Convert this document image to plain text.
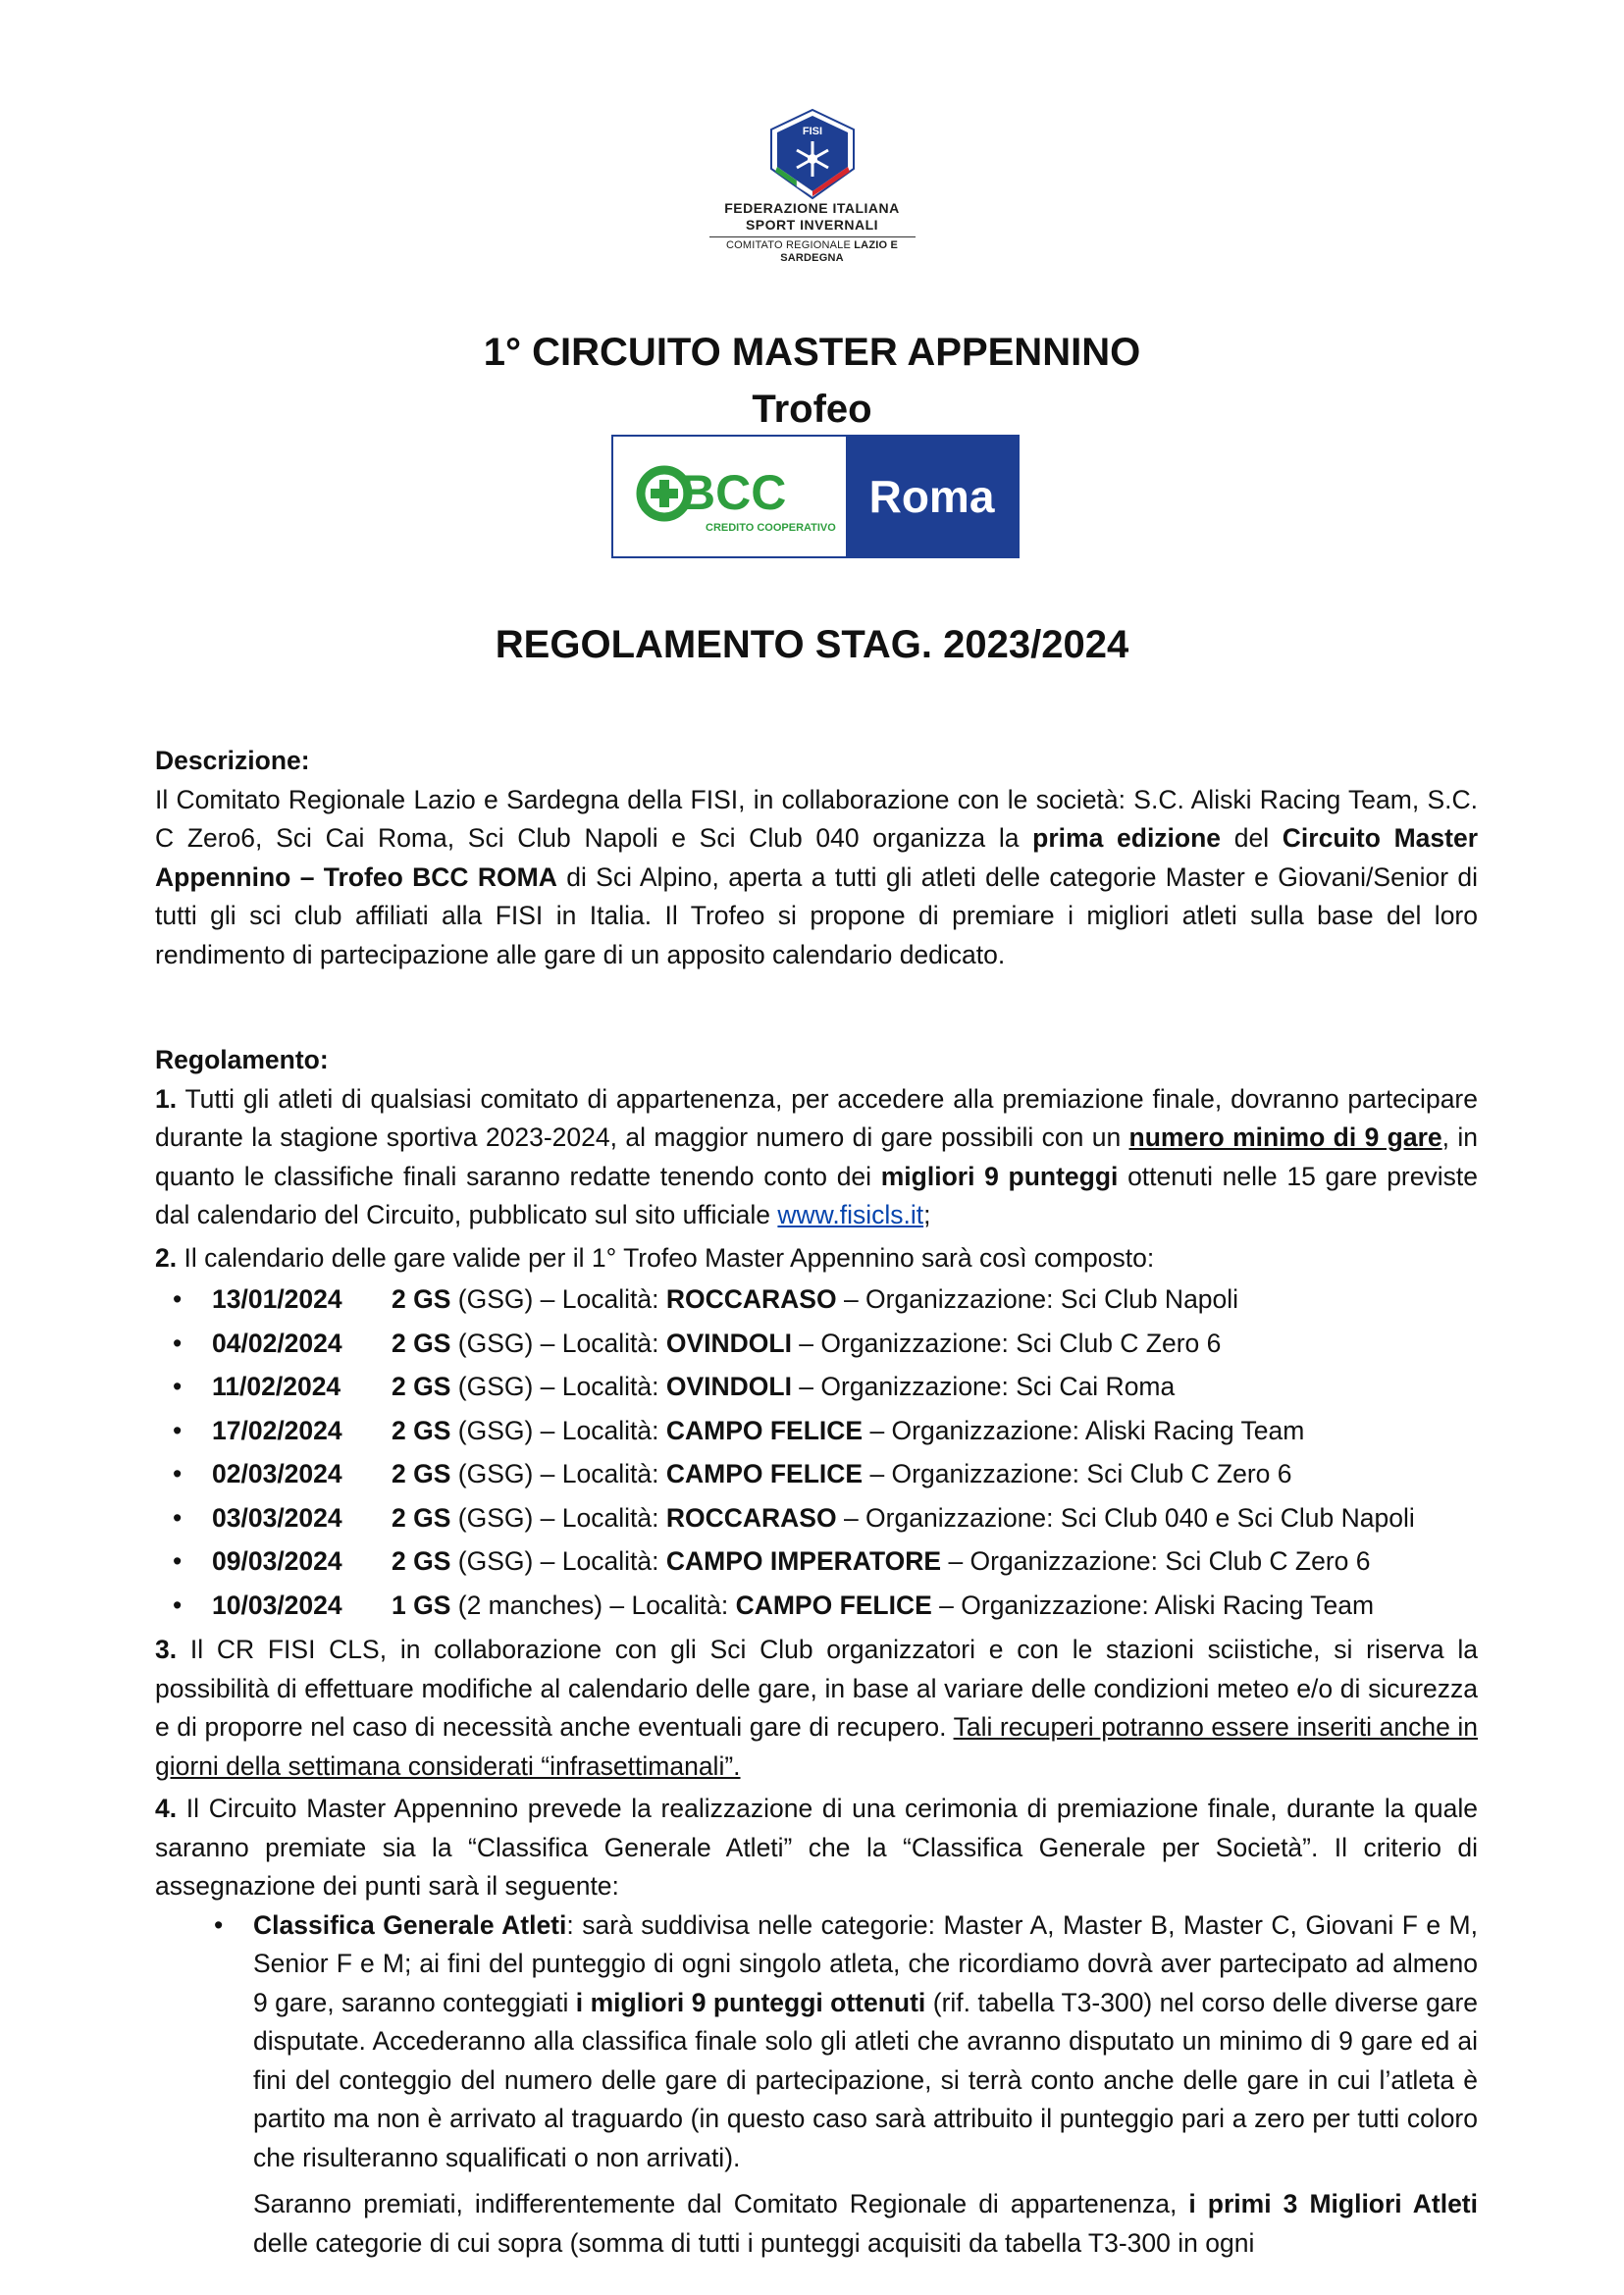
FISI
FEDERAZIONE ITALIANA
SPORT INVERNALI
COMITATO REGIONALE LAZIO E SARDEGNA
1° CIRCUITO MASTER APPENNINO
Trofeo
BCC
CREDITO COOPERATIVO
Roma
REGOLAMENTO STAG. 2023/2024

Descrizione:

Il Comitato Regionale Lazio e Sardegna della FISI, in collaborazione con le società: S.C. Aliski Racing Team, S.C. C Zero6, Sci Cai Roma, Sci Club Napoli e Sci Club 040 organizza la prima edizione del Circuito Master Appennino – Trofeo BCC ROMA di Sci Alpino, aperta a tutti gli atleti delle categorie Master e Giovani/Senior di tutti gli sci club affiliati alla FISI in Italia. Il Trofeo si propone di premiare i migliori atleti sulla base del loro rendimento di partecipazione alle gare di un apposito calendario dedicato.

Regolamento:

1. Tutti gli atleti di qualsiasi comitato di appartenenza, per accedere alla premiazione finale, dovranno partecipare durante la stagione sportiva 2023-2024, al maggior numero di gare possibili con un numero minimo di 9 gare, in quanto le classifiche finali saranno redatte tenendo conto dei migliori 9 punteggi ottenuti nelle 15 gare previste dal calendario del Circuito, pubblicato sul sito ufficiale www.fisicls.it;

2. Il calendario delle gare valide per il 1° Trofeo Master Appennino sarà così composto:

• 13/01/2024 2 GS (GSG) – Località: ROCCARASO – Organizzazione: Sci Club Napoli
• 04/02/2024 2 GS (GSG) – Località: OVINDOLI – Organizzazione: Sci Club C Zero 6
• 11/02/2024 2 GS (GSG) – Località: OVINDOLI – Organizzazione: Sci Cai Roma
• 17/02/2024 2 GS (GSG) – Località: CAMPO FELICE – Organizzazione: Aliski Racing Team
• 02/03/2024 2 GS (GSG) – Località: CAMPO FELICE – Organizzazione: Sci Club C Zero 6
• 03/03/2024 2 GS (GSG) – Località: ROCCARASO – Organizzazione: Sci Club 040 e Sci Club Napoli
• 09/03/2024 2 GS (GSG) – Località: CAMPO IMPERATORE – Organizzazione: Sci Club C Zero 6
• 10/03/2024 1 GS (2 manches) – Località: CAMPO FELICE – Organizzazione: Aliski Racing Team

3. Il CR FISI CLS, in collaborazione con gli Sci Club organizzatori e con le stazioni sciistiche, si riserva la possibilità di effettuare modifiche al calendario delle gare, in base al variare delle condizioni meteo e/o di sicurezza e di proporre nel caso di necessità anche eventuali gare di recupero. Tali recuperi potranno essere inseriti anche in giorni della settimana considerati “infrasettimanali”.

4. Il Circuito Master Appennino prevede la realizzazione di una cerimonia di premiazione finale, durante la quale saranno premiate sia la “Classifica Generale Atleti” che la “Classifica Generale per Società”. Il criterio di assegnazione dei punti sarà il seguente:

• Classifica Generale Atleti: sarà suddivisa nelle categorie: Master A, Master B, Master C, Giovani F e M, Senior F e M; ai fini del punteggio di ogni singolo atleta, che ricordiamo dovrà aver partecipato ad almeno 9 gare, saranno conteggiati i migliori 9 punteggi ottenuti (rif. tabella T3-300) nel corso delle diverse gare disputate. Accederanno alla classifica finale solo gli atleti che avranno disputato un minimo di 9 gare ed ai fini del conteggio del numero delle gare di partecipazione, si terrà conto anche delle gare in cui l’atleta è partito ma non è arrivato al traguardo (in questo caso sarà attribuito il punteggio pari a zero per tutti coloro che risulteranno squalificati o non arrivati).

Saranno premiati, indifferentemente dal Comitato Regionale di appartenenza, i primi 3 Migliori Atleti delle categorie di cui sopra (somma di tutti i punteggi acquisiti da tabella T3-300 in ogni
